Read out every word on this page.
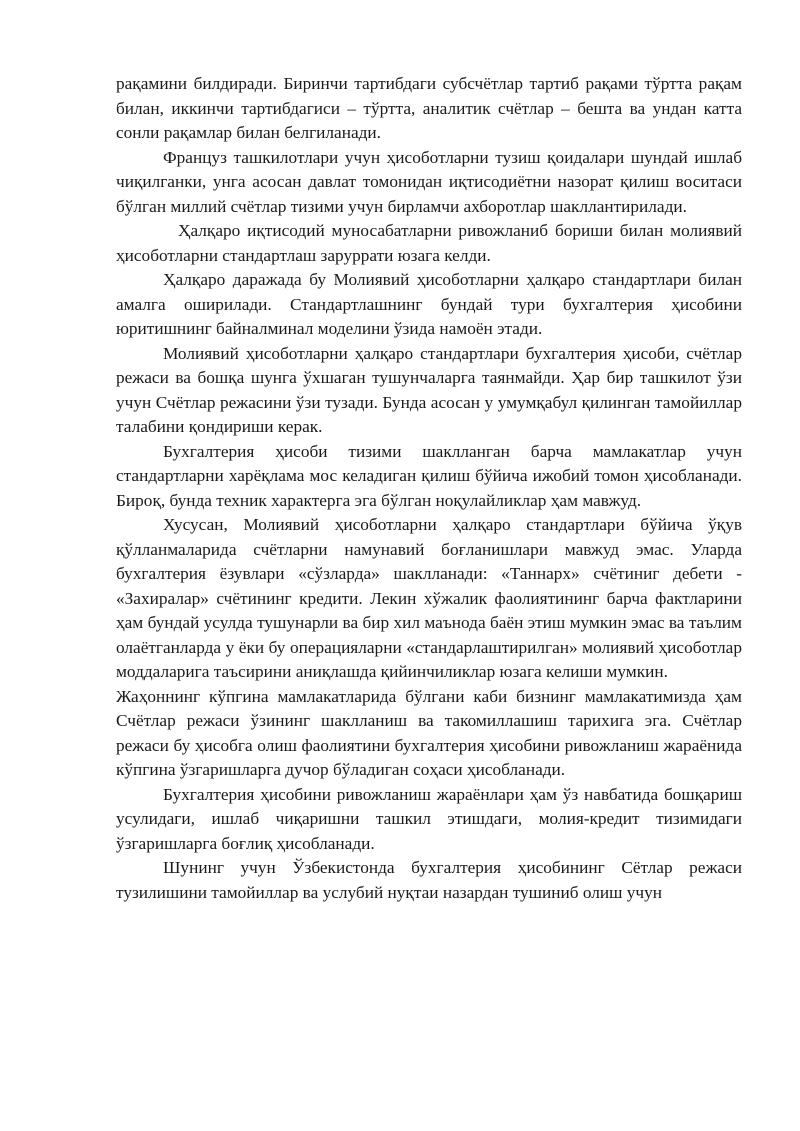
рақамини билдиради. Биринчи тартибдаги субсчётлар тартиб рақами тўртта рақам билан, иккинчи тартибдагиси – тўртта, аналитик счётлар – бешта ва ундан катта сонли рақамлар билан белгиланади.

Француз ташкилотлари учун ҳисоботларни тузиш қоидалари шундай ишлаб чиқилганки, унга асосан давлат томонидан иқтисодиётни назорат қилиш воситаси бўлган миллий счётлар тизими учун бирламчи ахборотлар шакллантирилади.

Ҳалқаро иқтисодий муносабатларни ривожланиб бориши билан молиявий ҳисоботларни стандартлаш заруррати юзага келди.

Ҳалқаро даражада бу Молиявий ҳисоботларни ҳалқаро стандартлари билан амалга оширилади. Стандартлашнинг бундай тури бухгалтерия ҳисобини юритишнинг байналминал моделини ўзида намоён этади.

Молиявий ҳисоботларни ҳалқаро стандартлари бухгалтерия ҳисоби, счётлар режаси ва бошқа шунга ўхшаган тушунчаларга таянмайди. Ҳар бир ташкилот ўзи учун Счётлар режасини ўзи тузади. Бунда асосан у умумқабул қилинган тамойиллар талабини қондириши керак.

Бухгалтерия ҳисоби тизими шаклланган барча мамлакатлар учун стандартларни харёқлама мос келадиган қилиш бўйича ижобий томон ҳисобланади. Бироқ, бунда техник характерга эга бўлган ноқулайликлар ҳам мавжуд.

Хусусан, Молиявий ҳисоботларни ҳалқаро стандартлари бўйича ўқув қўлланмаларида счётларни намунавий боғланишлари мавжуд эмас. Уларда бухгалтерия ёзувлари «сўзларда» шаклланади: «Таннарх» счётиниг дебети - «Захиралар» счётининг кредити. Лекин хўжалик фаолиятининг барча фактларини ҳам бундай усулда тушунарли ва бир хил маънода баён этиш мумкин эмас ва таълим олаётганларда у ёки бу операцияларни «стандарлаштирилган» молиявий ҳисоботлар моддаларига таъсирини аниқлашда қийинчиликлар юзага келиши мумкин.

Жаҳоннинг кўпгина мамлакатларида бўлгани каби бизнинг мамлакатимизда ҳам Счётлар режаси ўзининг шаклланиш ва такомиллашиш тарихига эга. Счётлар режаси бу ҳисобга олиш фаолиятини бухгалтерия ҳисобини ривожланиш жараёнида кўпгина ўзгаришларга дучор бўладиган соҳаси ҳисобланади.

Бухгалтерия ҳисобини ривожланиш жараёнлари ҳам ўз навбатида бошқариш усулидаги, ишлаб чиқаришни ташкил этишдаги, молия-кредит тизимидаги ўзгаришларга боғлиқ ҳисобланади.

Шунинг учун Ўзбекистонда бухгалтерия ҳисобининг Сётлар режаси тузилишини тамойиллар ва услубий нуқтаи назардан тушиниб олиш учун
